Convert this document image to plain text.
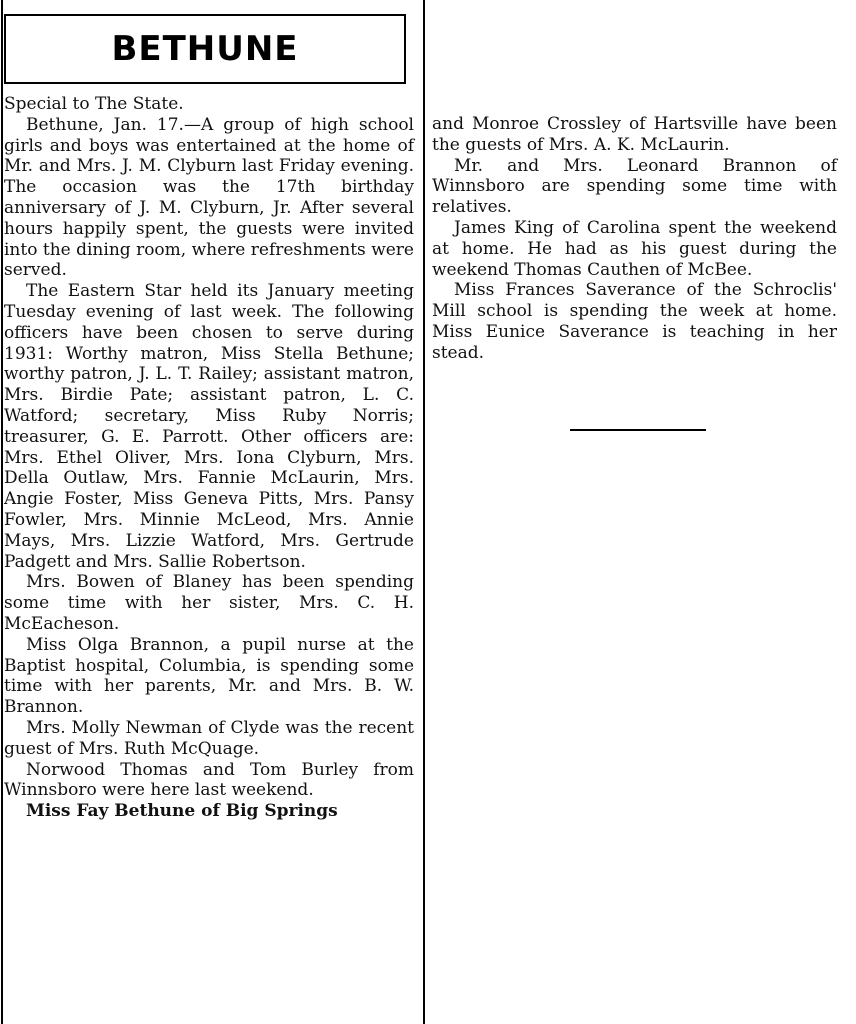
BETHUNE

Special to The State.

Bethune, Jan. 17.—A group of high school girls and boys was entertained at the home of Mr. and Mrs. J. M. Clyburn last Friday evening. The occasion was the 17th birthday anniversary of J. M. Clyburn, Jr. After several hours happily spent, the guests were invited into the dining room, where refreshments were served.

The Eastern Star held its January meeting Tuesday evening of last week. The following officers have been chosen to serve during 1931: Worthy matron, Miss Stella Bethune; worthy patron, J. L. T. Railey; assistant matron, Mrs. Birdie Pate; assistant patron, L. C. Watford; secretary, Miss Ruby Norris; treasurer, G. E. Parrott. Other officers are: Mrs. Ethel Oliver, Mrs. Iona Clyburn, Mrs. Della Outlaw, Mrs. Fannie McLaurin, Mrs. Angie Foster, Miss Geneva Pitts, Mrs. Pansy Fowler, Mrs. Minnie McLeod, Mrs. Annie Mays, Mrs. Lizzie Watford, Mrs. Gertrude Padgett and Mrs. Sallie Robertson.

Mrs. Bowen of Blaney has been spending some time with her sister, Mrs. C. H. McEacheson.

Miss Olga Brannon, a pupil nurse at the Baptist hospital, Columbia, is spending some time with her parents, Mr. and Mrs. B. W. Brannon.

Mrs. Molly Newman of Clyde was the recent guest of Mrs. Ruth McQuage.

Norwood Thomas and Tom Burley from Winnsboro were here last weekend.

Miss Fay Bethune of Big Springs

and Monroe Crossley of Hartsville have been the guests of Mrs. A. K. McLaurin.

Mr. and Mrs. Leonard Brannon of Winnsboro are spending some time with relatives.

James King of Carolina spent the weekend at home. He had as his guest during the weekend Thomas Cauthen of McBee.

Miss Frances Saverance of the Schroclis' Mill school is spending the week at home. Miss Eunice Saverance is teaching in her stead.
